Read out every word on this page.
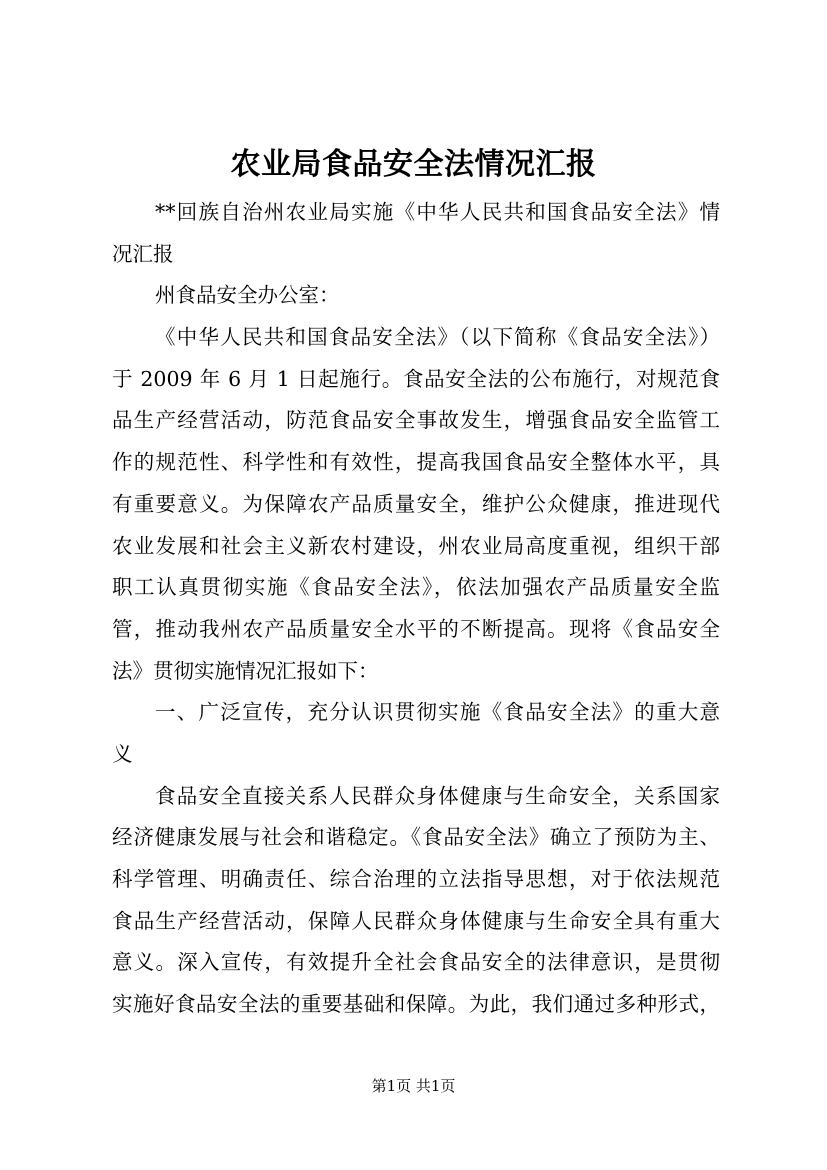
农业局食品安全法情况汇报
**回族自治州农业局实施《中华人民共和国食品安全法》情
况汇报
州食品安全办公室：
《中华人民共和国食品安全法》（以下简称《食品安全法》）
于 2009 年 6 月 1 日起施行。食品安全法的公布施行，对规范食
品生产经营活动，防范食品安全事故发生，增强食品安全监管工
作的规范性、科学性和有效性，提高我国食品安全整体水平，具
有重要意义。为保障农产品质量安全，维护公众健康，推进现代
农业发展和社会主义新农村建设，州农业局高度重视，组织干部
职工认真贯彻实施《食品安全法》，依法加强农产品质量安全监
管，推动我州农产品质量安全水平的不断提高。现将《食品安全
法》贯彻实施情况汇报如下：
一、广泛宣传，充分认识贯彻实施《食品安全法》的重大意
义
食品安全直接关系人民群众身体健康与生命安全，关系国家
经济健康发展与社会和谐稳定。《食品安全法》确立了预防为主、
科学管理、明确责任、综合治理的立法指导思想，对于依法规范
食品生产经营活动，保障人民群众身体健康与生命安全具有重大
意义。深入宣传，有效提升全社会食品安全的法律意识，是贯彻
实施好食品安全法的重要基础和保障。为此，我们通过多种形式，
第1页 共1页
